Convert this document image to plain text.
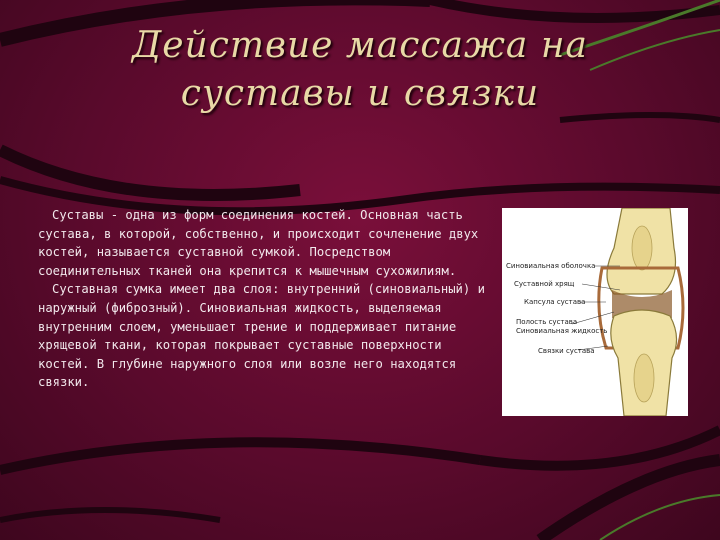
Действие массажа на
суставы и связки

Суставы - одна из форм соединения костей. Основная часть сустава, в которой, собственно, и происходит сочленение двух костей, называется суставной сумкой. Посредством соединительных тканей она крепится к мышечным сухожилиям.

Суставная сумка имеет два слоя: внутренний (синовиальный) и наружный (фиброзный). Синовиальная жидкость, выделяемая внутренним слоем, уменьшает трение и поддерживает питание хрящевой ткани, которая покрывает суставные поверхности костей. В глубине наружного слоя или возле него находятся связки.

Синовиальная оболочка
Суставной хрящ
Капсула сустава
Полость сустава
Синовиальная жидкость
Связки сустава
